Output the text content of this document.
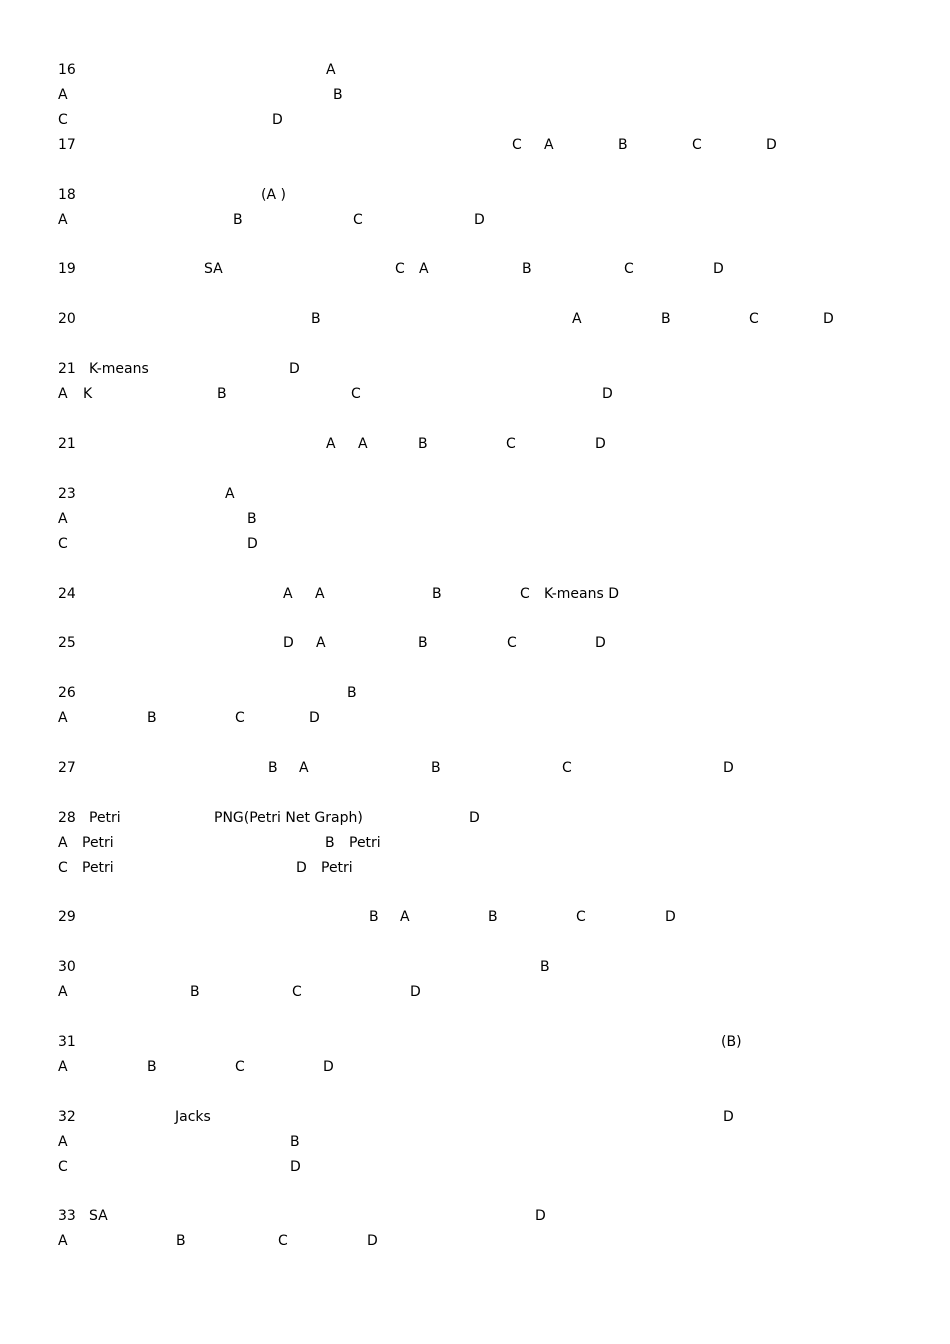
16	A
A	B
C	D
17	C A	B	C	D
18	(A )
A	B	C	D
19	SA	C A	B	C	D
20	B	A	B	C	D
21 K-means	D
A K	B	C	D
21	A A	B	C	D
23	A
A	B
C	D
24	A A	B	C K-means D
25	D A	B	C	D
26	B
A	B	C	D
27	B A	B	C	D
28 Petri	PNG(Petri Net Graph)	D
A Petri	B Petri
C Petri	D Petri
29	B A	B	C	D
30	B
A	B	C	D
31	(B)
A	B	C	D
32	Jacks	D
A	B
C	D
33 SA	D
A	B	C	D
